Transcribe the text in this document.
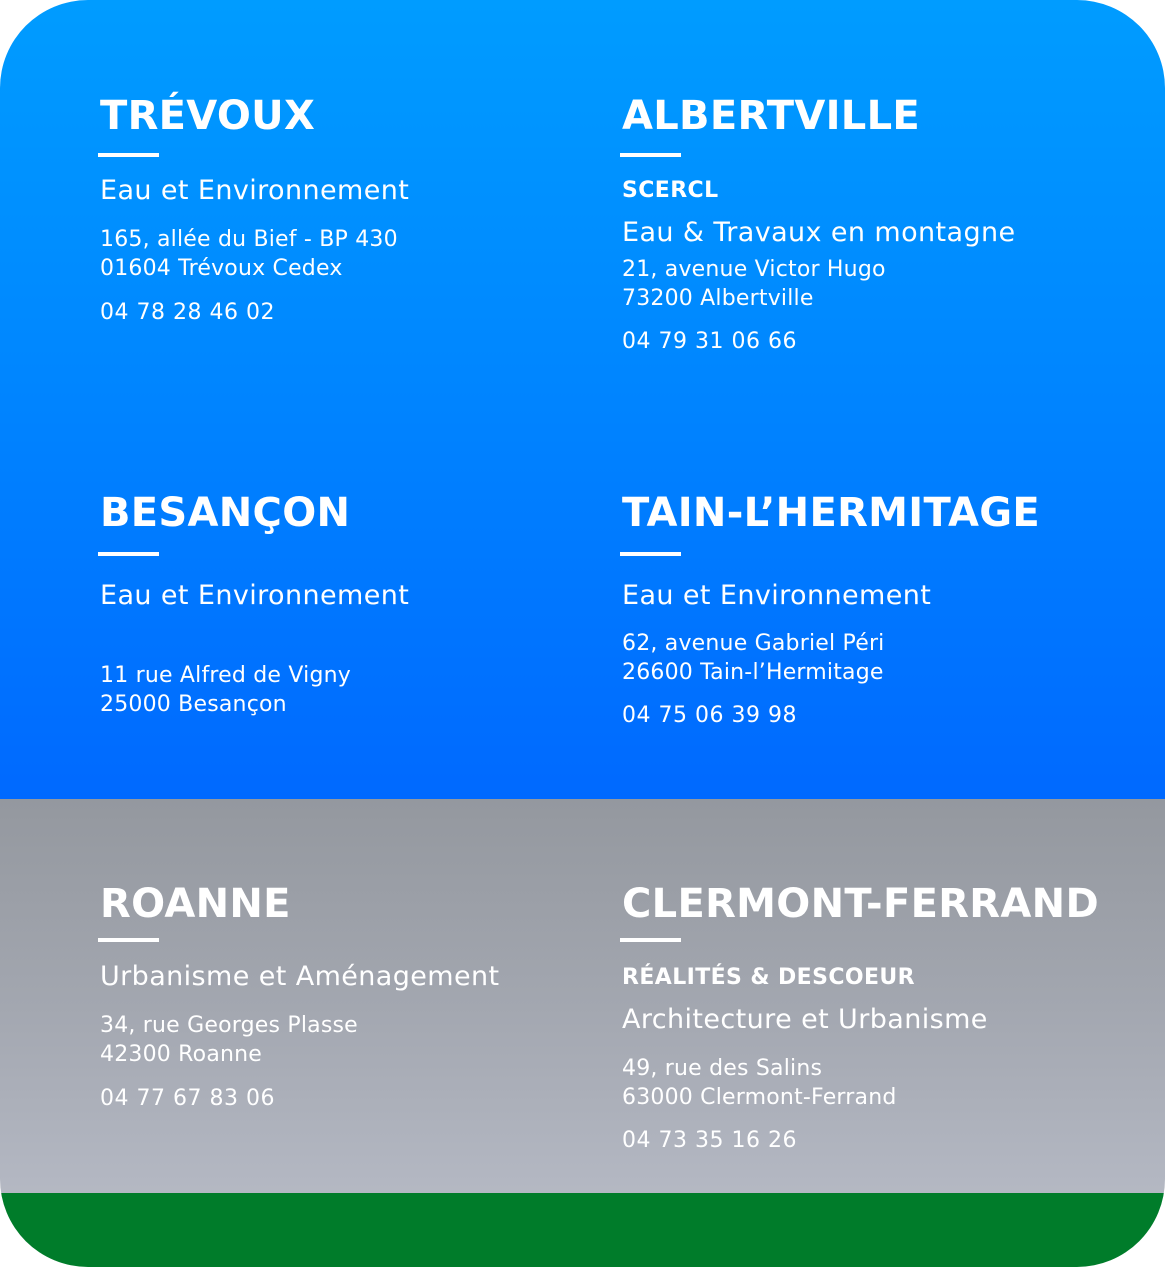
TRÉVOUX
Eau et Environnement
165, allée du Bief - BP 430
01604 Trévoux Cedex
04 78 28 46 02
ALBERTVILLE
SCERCL
Eau & Travaux en montagne
21, avenue Victor Hugo
73200 Albertville
04 79 31 06 66
BESANÇON
Eau et Environnement
11 rue Alfred de Vigny
25000 Besançon
TAIN-L’HERMITAGE
Eau et Environnement
62, avenue Gabriel Péri
26600 Tain-l’Hermitage
04 75 06 39 98
ROANNE
Urbanisme et Aménagement
34, rue Georges Plasse
42300 Roanne
04 77 67 83 06
CLERMONT-FERRAND
RÉALITÉS & DESCOEUR
Architecture et Urbanisme
49, rue des Salins
63000 Clermont-Ferrand
04 73 35 16 26
